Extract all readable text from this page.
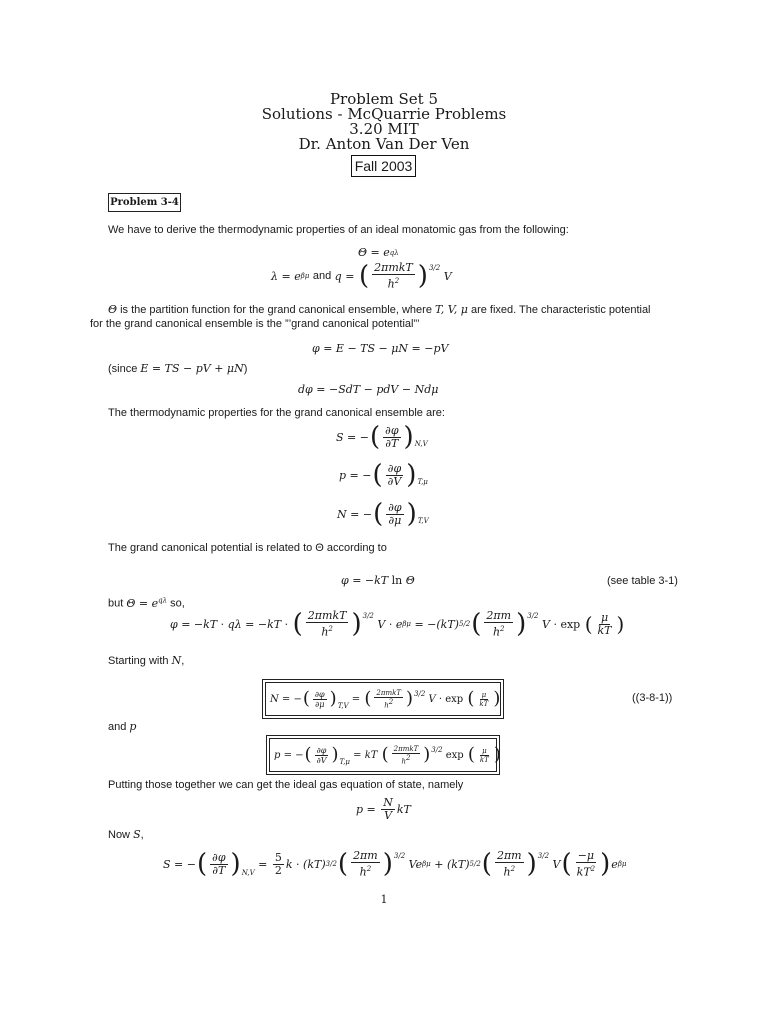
Problem Set 5
Solutions - McQuarrie Problems
3.20 MIT
Dr. Anton Van Der Ven
Fall 2003
Problem 3-4
We have to derive the thermodynamic properties of an ideal monatomic gas from the following:
Θ = e qλ
λ = e βμ
and q = ( $\frac{\text{2πmkT}}{h^2} )^{3/2}$
V
Θ is the partition function for the grand canonical ensemble, where T, V, μ are fixed. The characteristic potential
for the grand canonical ensemble is the ”’grand canonical potential”’
φ = E − TS − μN = − pV
(since E = TS − pV + μN)
dφ = − SdT − pdV − Ndμ
The thermodynamic properties for the grand canonical ensemble are:
S = − ( $\frac{\partial\varphi}{\partial T}$ ) N,V
p = − ( $\frac{\partial\varphi}{\partial V}$ ) T,μ
N = − ( $\frac{\partial\varphi}{\partial\mu}$ ) T,V
The grand canonical potential is related to Θ according to
φ = − kT ln Θ	(see table 3-1)
but $\Theta = e^{q\lambda}$ so,
φ = − kT · qλ = − kT · ( $\frac{\text{2πmkT}}{h^2} )^{3/2}$
V · e βμ = − (kT) 5/2 ( $\frac{2\pi m}{h^2} )^{3/2}$
V · exp ( $\frac{\mu}{kT}$ )
Starting with N,
N = − ( $\frac{\partial\varphi}{\partial\mu}$ ) T,V
= ( $\frac{\text{2πmkT}}{h^2} )^{3/2}$ V · exp ( $\frac{\mu}{kT}$ )	((3-8-1))
and p
p = − ( $\frac{\partial\varphi}{\partial V}$ ) T,μ
= kT ( $\frac{\text{2πmkT}}{h^2} )^{3/2}$ exp ( $\frac{\mu}{kT}$ )
Putting those together we can get the ideal gas equation of state, namely
$p = \frac{N}{V}$ kT
Now S,
S = − ( $\frac{\partial\varphi}{\partial T}$ ) N,V
= $\frac{5}{2}$ k · (kT) 3/2 ( $\frac{2\pi m}{h^2} )^{3/2}$
Ve βμ + (kT) 5/2 ( $\frac{2\pi m}{h^2} )^{3/2}$
V ( $\frac{-\mu}{kT^2}$ ) e βμ
1
